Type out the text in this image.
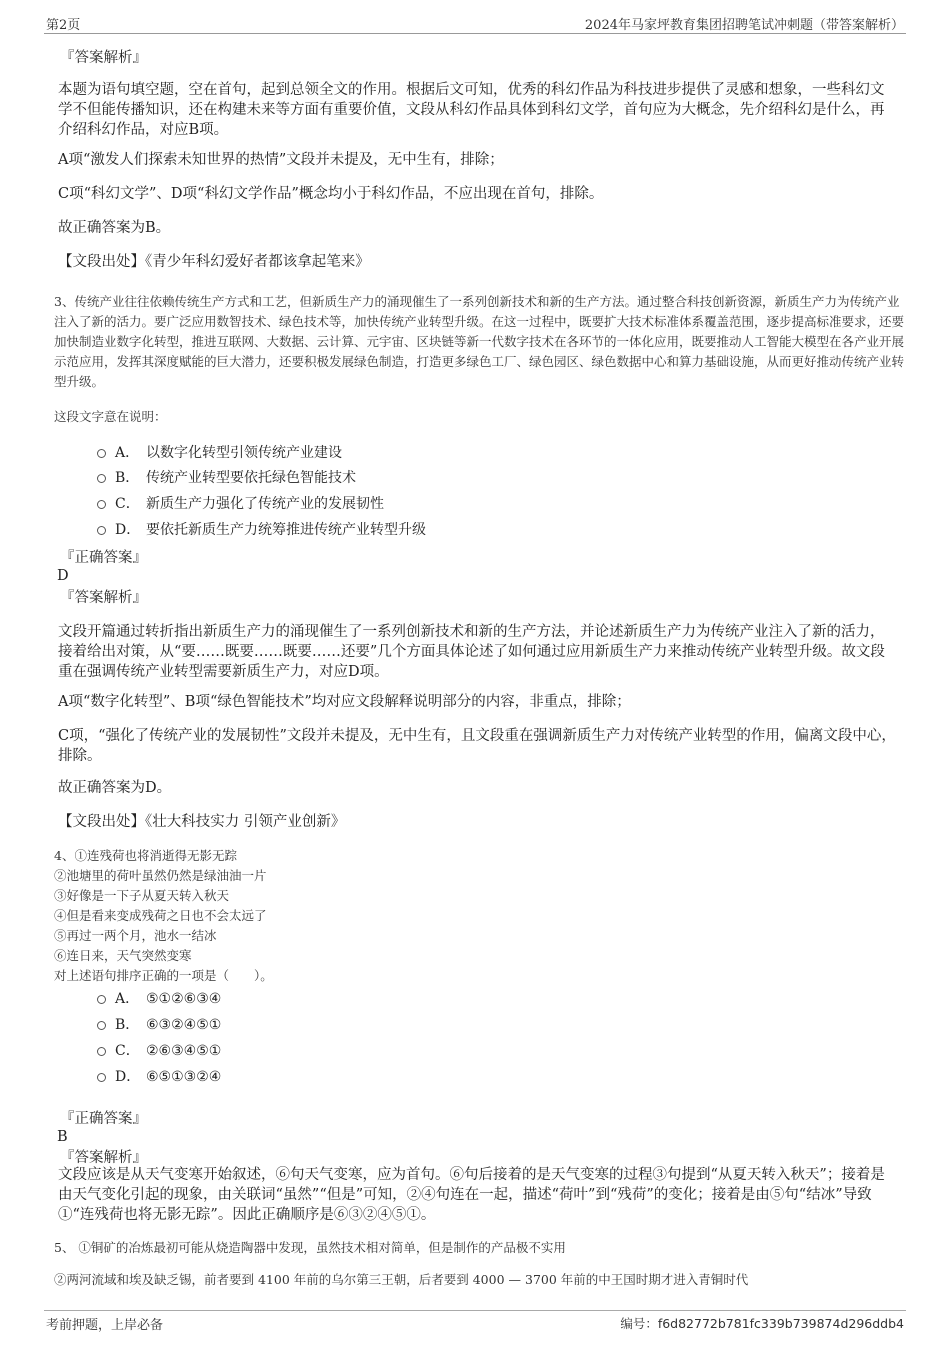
第2页	2024年马家坪教育集团招聘笔试冲刺题（带答案解析）
『答案解析』
本题为语句填空题，空在首句，起到总领全文的作用。根据后文可知，优秀的科幻作品为科技进步提供了灵感和想象，一些科幻文学不但能传播知识，还在构建未来等方面有重要价值，文段从科幻作品具体到科幻文学，首句应为大概念，先介绍科幻是什么，再介绍科幻作品，对应B项。
A项“激发人们探索未知世界的热情”文段并未提及，无中生有，排除；
C项“科幻文学”、D项“科幻文学作品”概念均小于科幻作品，不应出现在首句，排除。
故正确答案为B。
【文段出处】《青少年科幻爱好者都该拿起笔来》
3、传统产业往往依赖传统生产方式和工艺，但新质生产力的涌现催生了一系列创新技术和新的生产方法。通过整合科技创新资源，新质生产力为传统产业注入了新的活力。要广泛应用数智技术、绿色技术等，加快传统产业转型升级。在这一过程中，既要扩大技术标准体系覆盖范围，逐步提高标准要求，还要加快制造业数字化转型，推进互联网、大数据、云计算、元宇宙、区块链等新一代数字技术在各环节的一体化应用，既要推动人工智能大模型在各产业开展示范应用，发挥其深度赋能的巨大潜力，还要积极发展绿色制造，打造更多绿色工厂、绿色园区、绿色数据中心和算力基础设施，从而更好推动传统产业转型升级。
这段文字意在说明：
A． 以数字化转型引领传统产业建设
B． 传统产业转型要依托绿色智能技术
C． 新质生产力强化了传统产业的发展韧性
D． 要依托新质生产力统筹推进传统产业转型升级
『正确答案』
D
『答案解析』
文段开篇通过转折指出新质生产力的涌现催生了一系列创新技术和新的生产方法，并论述新质生产力为传统产业注入了新的活力，接着给出对策，从“要……既要……既要……还要”几个方面具体论述了如何通过应用新质生产力来推动传统产业转型升级。故文段重在强调传统产业转型需要新质生产力，对应D项。
A项“数字化转型”、B项“绿色智能技术”均对应文段解释说明部分的内容，非重点，排除；
C项，“强化了传统产业的发展韧性”文段并未提及，无中生有，且文段重在强调新质生产力对传统产业转型的作用，偏离文段中心，排除。
故正确答案为D。
【文段出处】《壮大科技实力 引领产业创新》
4、①连残荷也将消逝得无影无踪
②池塘里的荷叶虽然仍然是绿油油一片
③好像是一下子从夏天转入秋天
④但是看来变成残荷之日也不会太远了
⑤再过一两个月，池水一结冰
⑥连日来，天气突然变寒
对上述语句排序正确的一项是（　　）。
A． ⑤①②⑥③④
B． ⑥③②④⑤①
C． ②⑥③④⑤①
D． ⑥⑤①③②④
『正确答案』
B
『答案解析』
文段应该是从天气变寒开始叙述，⑥句天气变寒，应为首句。⑥句后接着的是天气变寒的过程③句提到“从夏天转入秋天”；接着是由天气变化引起的现象，由关联词“虽然”“但是”可知，②④句连在一起，描述“荷叶”到“残荷”的变化；接着是由⑤句“结冰”导致①“连残荷也将无影无踪”。因此正确顺序是⑥③②④⑤①。
5、 ①铜矿的冶炼最初可能从烧造陶器中发现，虽然技术相对简单，但是制作的产品极不实用
②两河流域和埃及缺乏锡，前者要到 4100 年前的乌尔第三王朝，后者要到 4000 — 3700 年前的中王国时期才进入青铜时代
考前押题，上岸必备	编号：f6d82772b781fc339b739874d296ddb4
